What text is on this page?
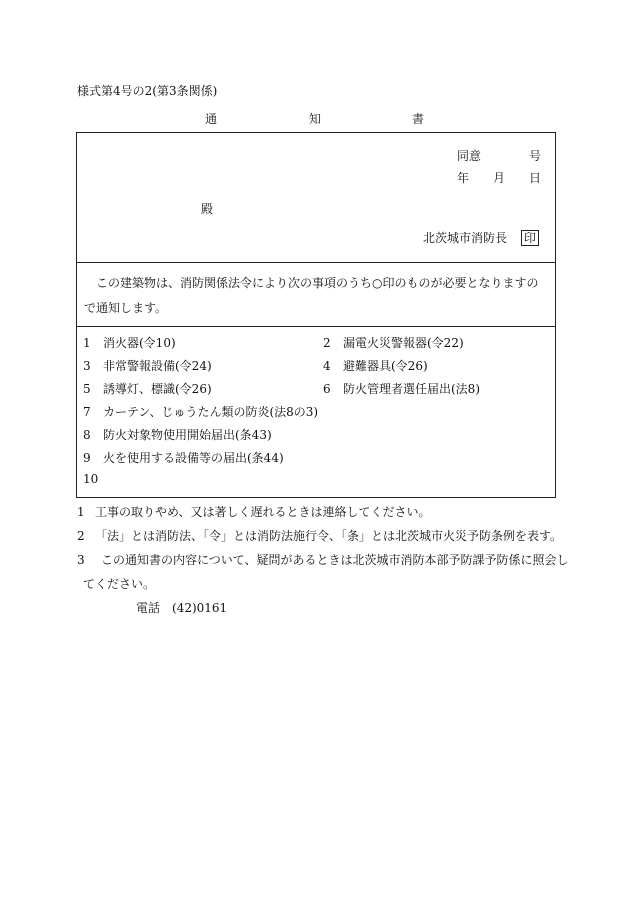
様式第4号の2(第3条関係)
通	知	書
同意	号
年 月 日
殿
北茨城市消防長 印
この建築物は、消防関係法令により次の事項のうち○印のものが必要となりますので通知します。
1 消火器(令10)	2 漏電火災警報器(令22)
3 非常警報設備(令24)	4 避難器具(令26)
5 誘導灯、標識(令26)	6 防火管理者選任届出(法8)
7 カーテン、じゅうたん類の防炎(法8の3)
8 防火対象物使用開始届出(条43)
9 火を使用する設備等の届出(条44)
10
1 工事の取りやめ、又は著しく遅れるときは連絡してください。
2 「法」とは消防法、「令」とは消防法施行令、「条」とは北茨城市火災予防条例を表す。
3 この通知書の内容について、疑問があるときは北茨城市消防本部予防課予防係に照会し
てください。
電話 (42)0161
